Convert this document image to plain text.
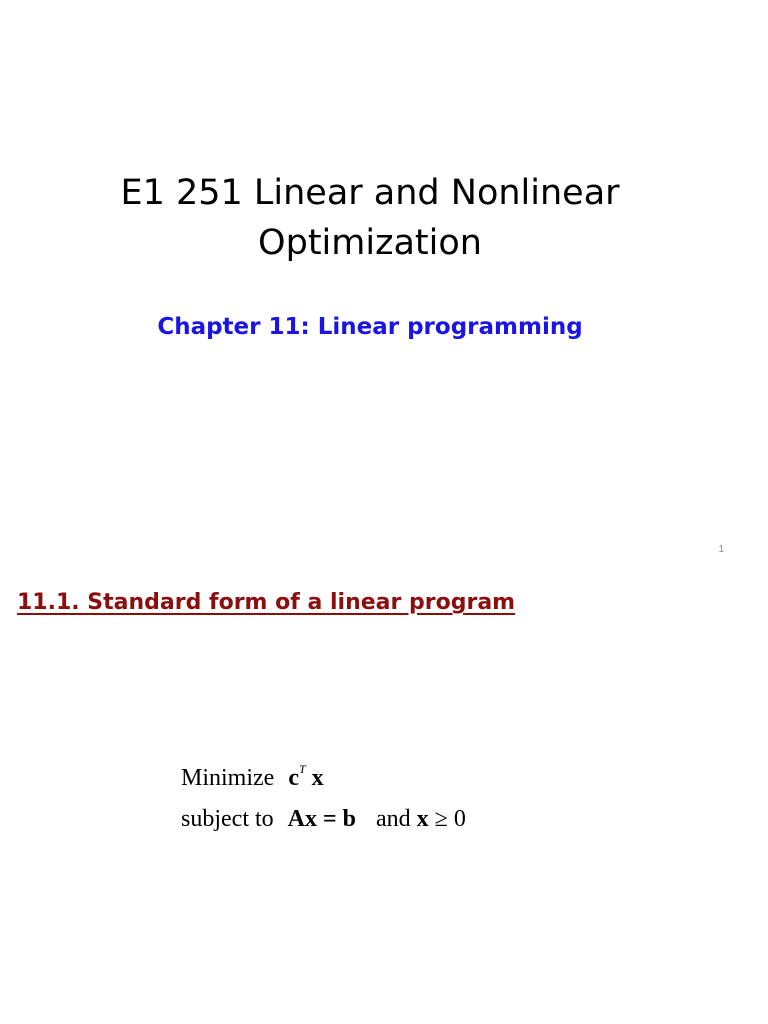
E1 251 Linear and Nonlinear
Optimization
Chapter 11: Linear programming
1
11.1. Standard form of a linear program
Minimize $c^T$ x
subject to Ax = b and x ≥ 0
